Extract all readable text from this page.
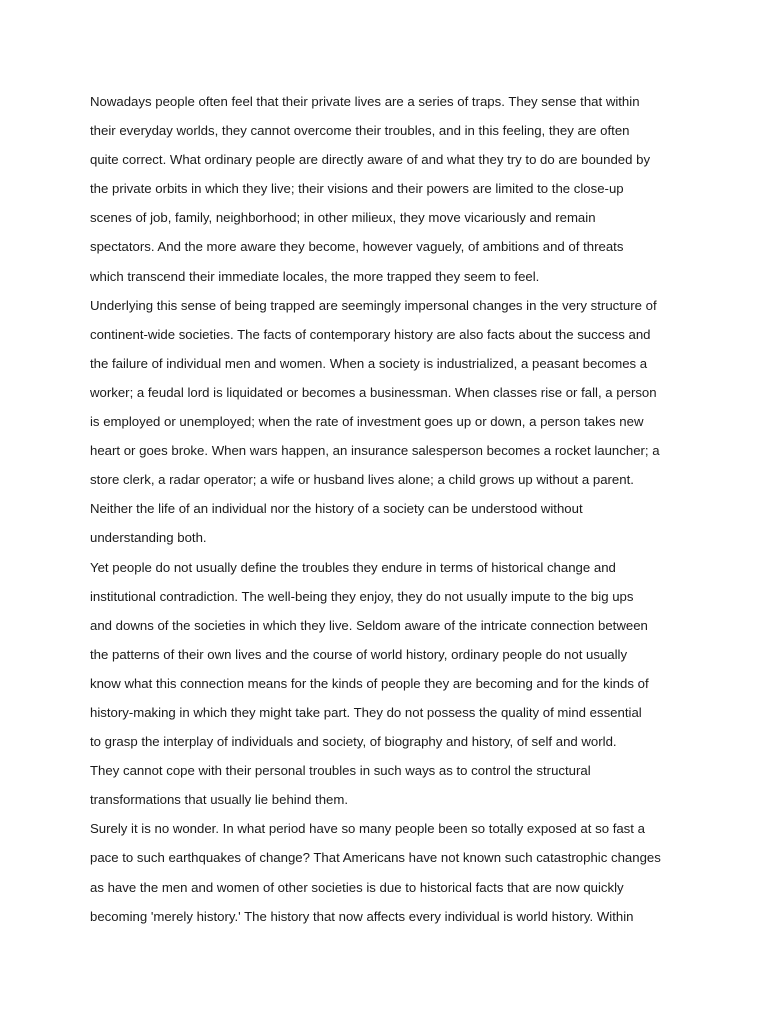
Nowadays people often feel that their private lives are a series of traps. They sense that within
their everyday worlds, they cannot overcome their troubles, and in this feeling, they are often
quite correct. What ordinary people are directly aware of and what they try to do are bounded by
the private orbits in which they live; their visions and their powers are limited to the close-up
scenes of job, family, neighborhood; in other milieux, they move vicariously and remain
spectators. And the more aware they become, however vaguely, of ambitions and of threats
which transcend their immediate locales, the more trapped they seem to feel.

Underlying this sense of being trapped are seemingly impersonal changes in the very structure of
continent-wide societies. The facts of contemporary history are also facts about the success and
the failure of individual men and women. When a society is industrialized, a peasant becomes a
worker; a feudal lord is liquidated or becomes a businessman. When classes rise or fall, a person
is employed or unemployed; when the rate of investment goes up or down, a person takes new
heart or goes broke. When wars happen, an insurance salesperson becomes a rocket launcher; a
store clerk, a radar operator; a wife or husband lives alone; a child grows up without a parent.
Neither the life of an individual nor the history of a society can be understood without
understanding both.

Yet people do not usually define the troubles they endure in terms of historical change and
institutional contradiction. The well-being they enjoy, they do not usually impute to the big ups
and downs of the societies in which they live. Seldom aware of the intricate connection between
the patterns of their own lives and the course of world history, ordinary people do not usually
know what this connection means for the kinds of people they are becoming and for the kinds of
history-making in which they might take part. They do not possess the quality of mind essential
to grasp the interplay of individuals and society, of biography and history, of self and world.
They cannot cope with their personal troubles in such ways as to control the structural
transformations that usually lie behind them.

Surely it is no wonder. In what period have so many people been so totally exposed at so fast a
pace to such earthquakes of change? That Americans have not known such catastrophic changes
as have the men and women of other societies is due to historical facts that are now quickly
becoming 'merely history.' The history that now affects every individual is world history. Within
